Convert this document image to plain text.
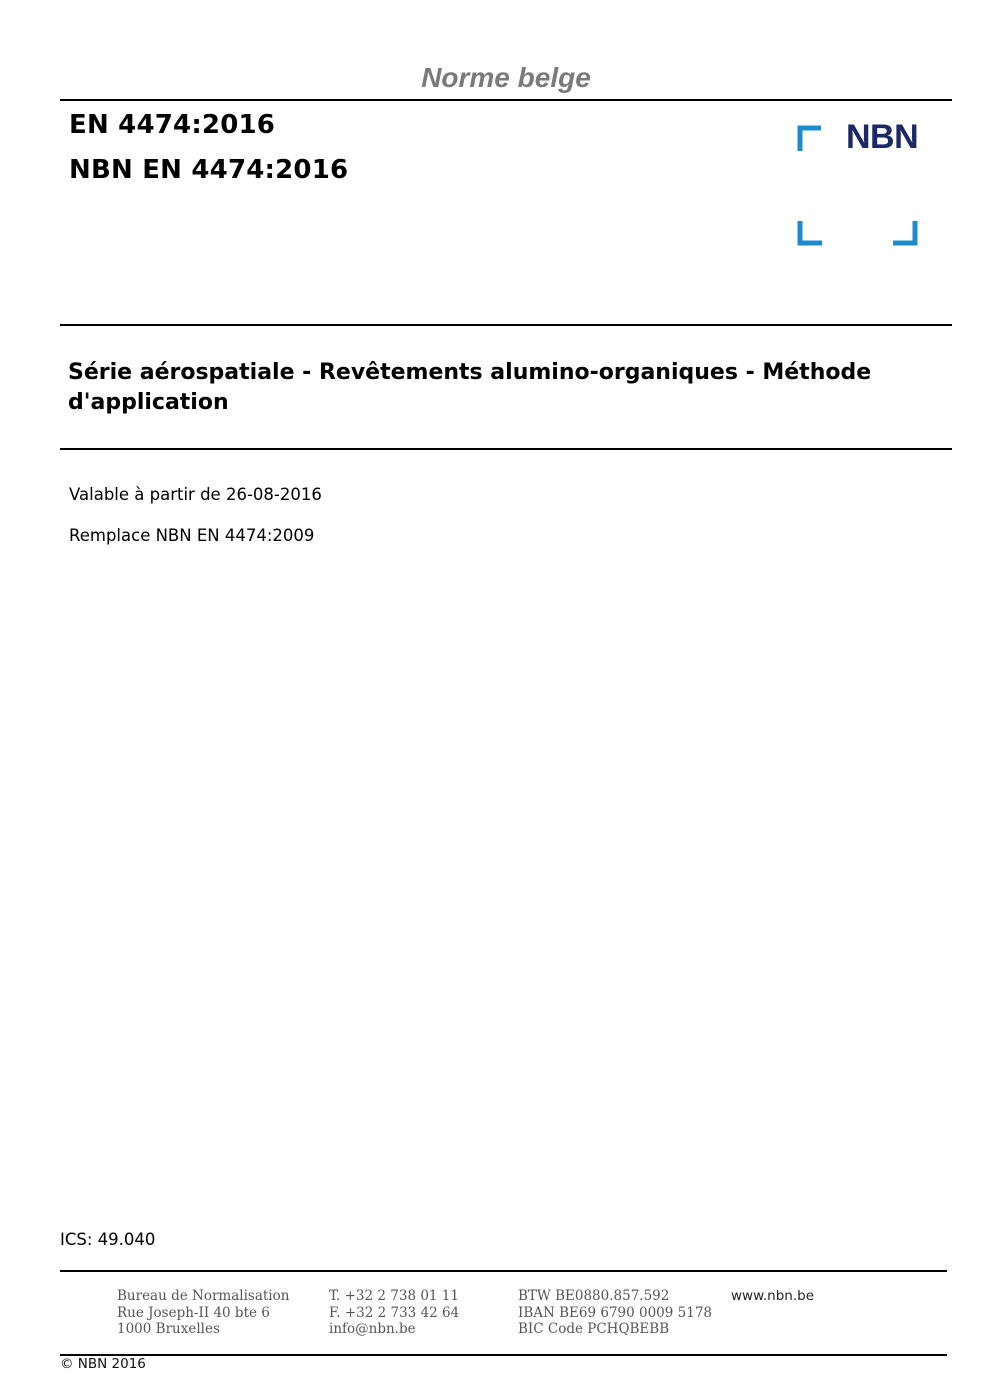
Norme belge
EN 4474:2016
NBN EN 4474:2016
NBN
Série aérospatiale - Revêtements alumino-organiques - Méthode d'application
Valable à partir de 26-08-2016
Remplace NBN EN 4474:2009
ICS: 49.040
Bureau de Normalisation
Rue Joseph-II 40 bte 6
1000 Bruxelles
T. +32 2 738 01 11
F. +32 2 733 42 64
info@nbn.be
BTW BE0880.857.592
IBAN BE69 6790 0009 5178
BIC Code PCHQBEBB
www.nbn.be
© NBN 2016
